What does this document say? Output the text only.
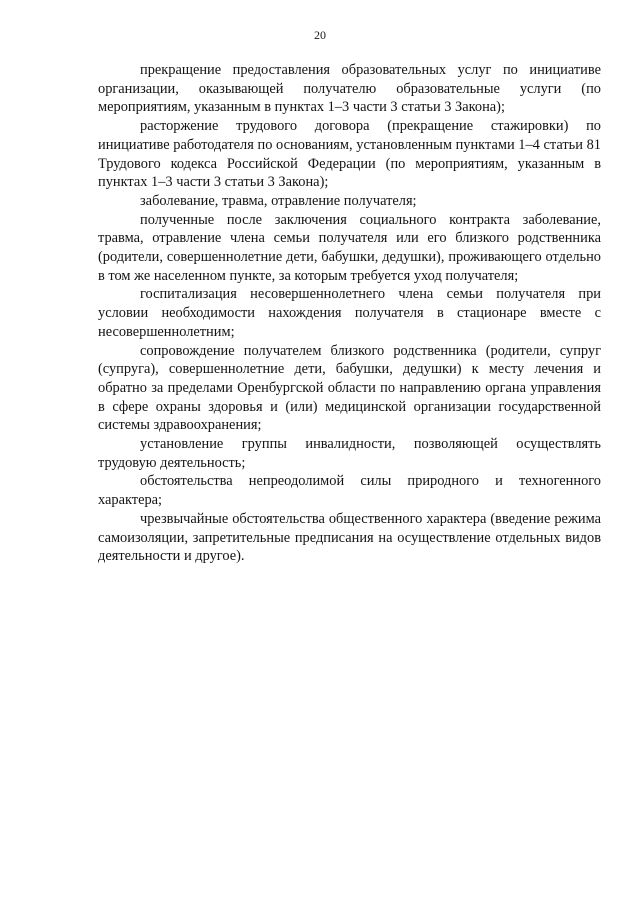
20

прекращение предоставления образовательных услуг по инициативе организации, оказывающей получателю образовательные услуги (по мероприятиям, указанным в пунктах 1–3 части 3 статьи 3 Закона);

расторжение трудового договора (прекращение стажировки) по инициативе работодателя по основаниям, установленным пунктами 1–4 статьи 81 Трудового кодекса Российской Федерации (по мероприятиям, указанным в пунктах 1–3 части 3 статьи 3 Закона);

заболевание, травма, отравление получателя;

полученные после заключения социального контракта заболевание, травма, отравление члена семьи получателя или его близкого родственника (родители, совершеннолетние дети, бабушки, дедушки), проживающего отдельно в том же населенном пункте, за которым требуется уход получателя;

госпитализация несовершеннолетнего члена семьи получателя при условии необходимости нахождения получателя в стационаре вместе с несовершеннолетним;

сопровождение получателем близкого родственника (родители, супруг (супруга), совершеннолетние дети, бабушки, дедушки) к месту лечения и обратно за пределами Оренбургской области по направлению органа управления в сфере охраны здоровья и (или) медицинской организации государственной системы здравоохранения;

установление группы инвалидности, позволяющей осуществлять трудовую деятельность;

обстоятельства непреодолимой силы природного и техногенного характера;

чрезвычайные обстоятельства общественного характера (введение режима самоизоляции, запретительные предписания на осуществление отдельных видов деятельности и другое).
